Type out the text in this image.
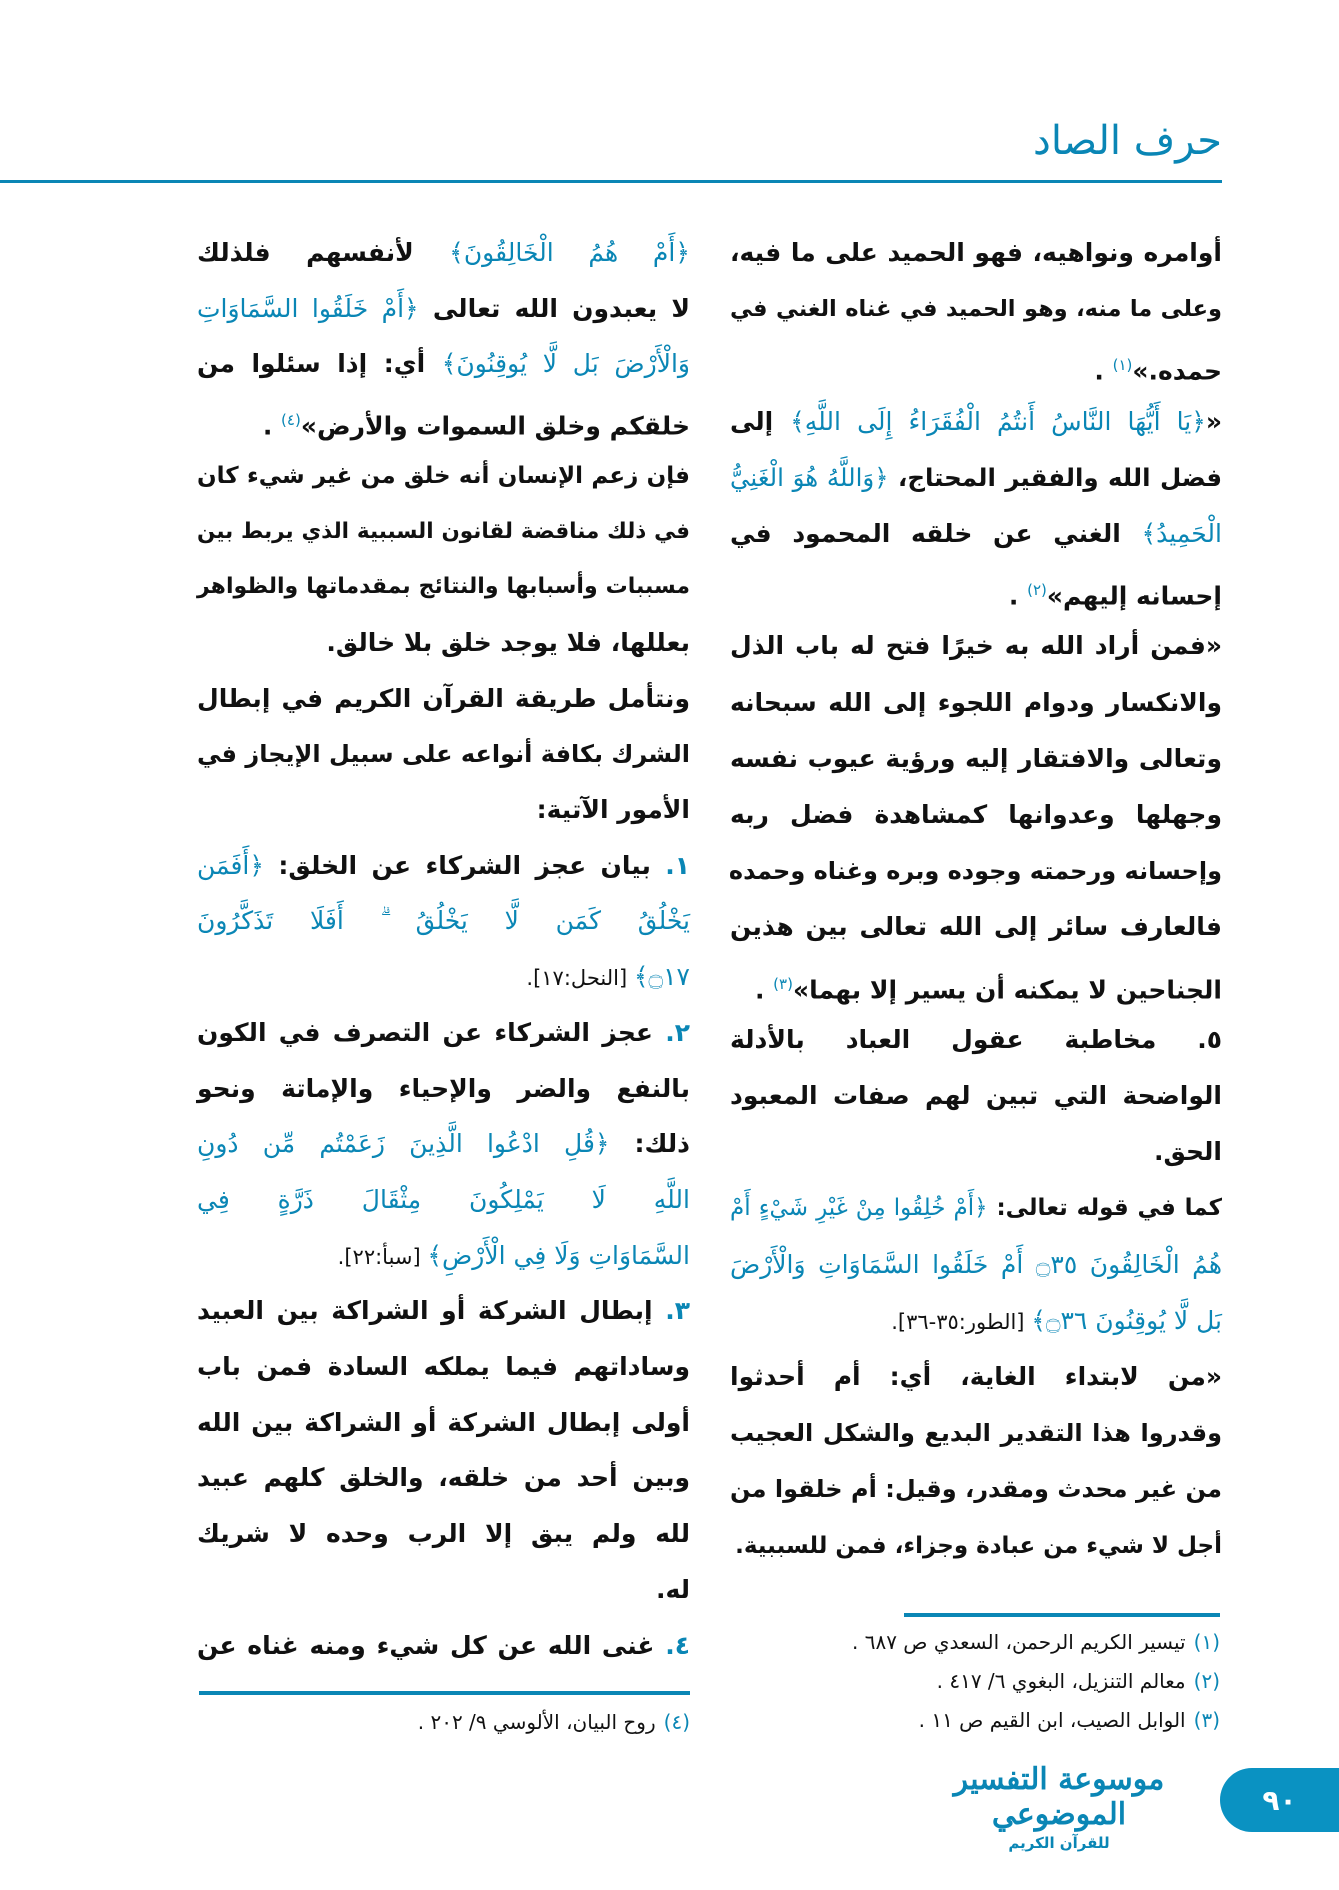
حرف الصاد
أوامره ونواهيه، فهو الحميد على ما فيه،
وعلى ما منه، وهو الحميد في غناه الغني في
حمده.»$^{(١)}$ .
«﴿يَا أَيُّهَا النَّاسُ أَنتُمُ الْفُقَرَاءُ إِلَى اللَّهِ﴾ إلى
فضل الله والفقير المحتاج، ﴿وَاللَّهُ هُوَ الْغَنِيُّ
الْحَمِيدُ﴾ الغني عن خلقه المحمود في
إحسانه إليهم»$^{(٢)}$ .
«فمن أراد الله به خيرًا فتح له باب الذل
والانكسار ودوام اللجوء إلى الله سبحانه
وتعالى والافتقار إليه ورؤية عيوب نفسه
وجهلها وعدوانها كمشاهدة فضل ربه
وإحسانه ورحمته وجوده وبره وغناه وحمده
فالعارف سائر إلى الله تعالى بين هذين
الجناحين لا يمكنه أن يسير إلا بهما»$^{(٣)}$ .
٥. مخاطبة عقول العباد بالأدلة
الواضحة التي تبين لهم صفات المعبود
الحق.
كما في قوله تعالى: ﴿أَمْ خُلِقُوا مِنْ غَيْرِ شَيْءٍ أَمْ
هُمُ الْخَالِقُونَ ۝٣٥ أَمْ خَلَقُوا السَّمَاوَاتِ وَالْأَرْضَ
بَل لَّا يُوقِنُونَ ۝٣٦﴾ [الطور:٣٥-٣٦].
«من لابتداء الغاية، أي: أم أحدثوا
وقدروا هذا التقدير البديع والشكل العجيب
من غير محدث ومقدر، وقيل: أم خلقوا من
أجل لا شيء من عبادة وجزاء، فمن للسببية.
﴿أَمْ هُمُ الْخَالِقُونَ﴾ لأنفسهم فلذلك
لا يعبدون الله تعالى ﴿أَمْ خَلَقُوا السَّمَاوَاتِ
وَالْأَرْضَ بَل لَّا يُوقِنُونَ﴾ أي: إذا سئلوا من
خلقكم وخلق السموات والأرض»$^{(٤)}$ .
فإن زعم الإنسان أنه خلق من غير شيء كان
في ذلك مناقضة لقانون السببية الذي يربط بين
مسببات وأسبابها والنتائج بمقدماتها والظواهر
بعللها، فلا يوجد خلق بلا خالق.
ونتأمل طريقة القرآن الكريم في إبطال
الشرك بكافة أنواعه على سبيل الإيجاز في
الأمور الآتية:
١. بيان عجز الشركاء عن الخلق: ﴿أَفَمَن
يَخْلُقُ كَمَن لَّا يَخْلُقُ ۗ أَفَلَا تَذَكَّرُونَ
۝١٧﴾ [النحل:١٧].
٢. عجز الشركاء عن التصرف في الكون
بالنفع والضر والإحياء والإماتة ونحو
ذلك: ﴿قُلِ ادْعُوا الَّذِينَ زَعَمْتُم مِّن دُونِ
اللَّهِ لَا يَمْلِكُونَ مِثْقَالَ ذَرَّةٍ فِي
السَّمَاوَاتِ وَلَا فِي الْأَرْضِ﴾ [سبأ:٢٢].
٣. إبطال الشركة أو الشراكة بين العبيد
وساداتهم فيما يملكه السادة فمن باب
أولى إبطال الشركة أو الشراكة بين الله
وبين أحد من خلقه، والخلق كلهم عبيد
لله ولم يبق إلا الرب وحده لا شريك
له.
٤. غنى الله عن كل شيء ومنه غناه عن	(١)تيسير الكريم الرحمن، السعدي ص ٦٨٧ .
(٢)معالم التنزيل، البغوي ٦/ ٤١٧ .
(٣)الوابل الصيب، ابن القيم ص ١١ .
(٤)روح البيان، الألوسي ٩/ ٢٠٢ .
موسوعة التفسير الموضوعي
للقرآن الكريم
٩٠
